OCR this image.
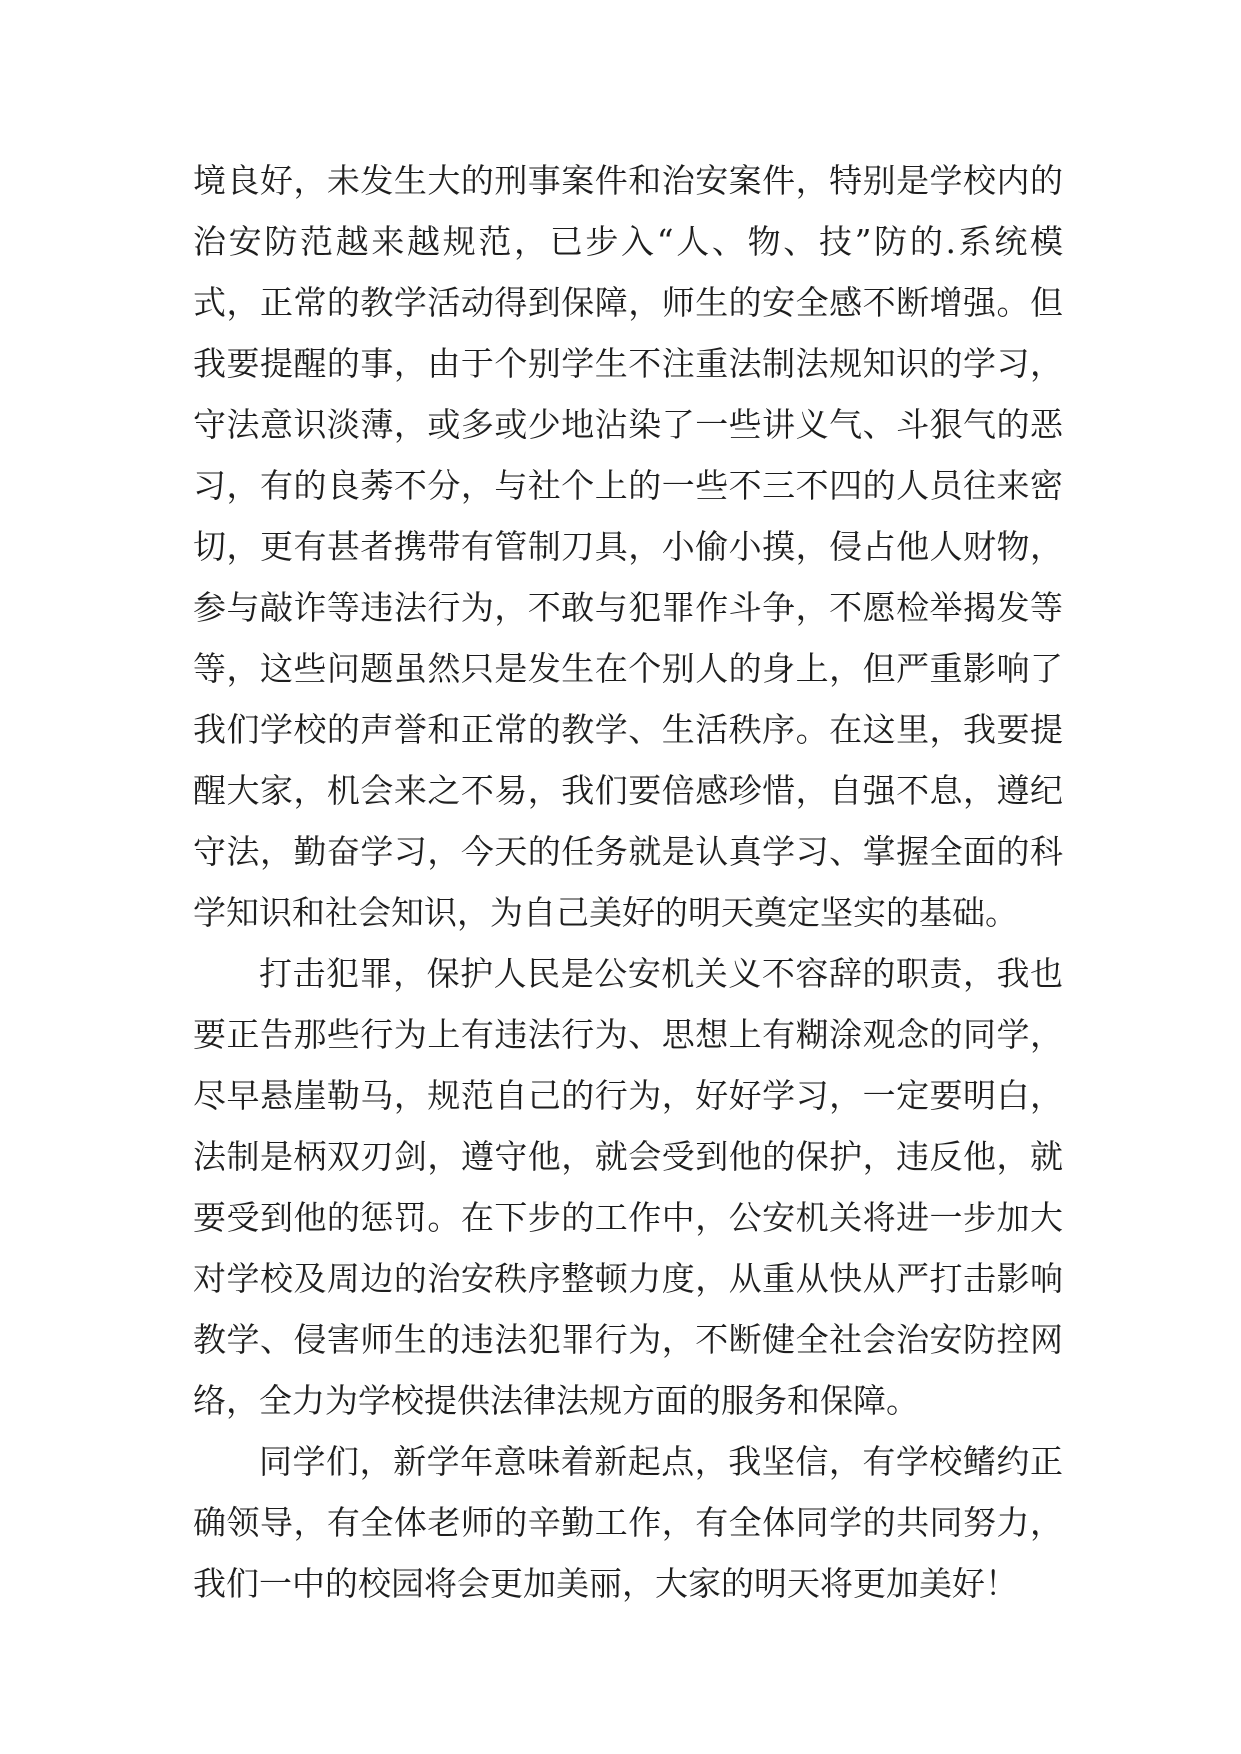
境良好，未发生大的刑事案件和治安案件，特别是学校内的
治安防范越来越规范，已步入“人、物、技”防的.系统模
式，正常的教学活动得到保障，师生的安全感不断增强。但
我要提醒的事，由于个别学生不注重法制法规知识的学习，
守法意识淡薄，或多或少地沾染了一些讲义气、斗狠气的恶
习，有的良莠不分，与社个上的一些不三不四的人员往来密
切，更有甚者携带有管制刀具，小偷小摸，侵占他人财物，
参与敲诈等违法行为，不敢与犯罪作斗争，不愿检举揭发等
等，这些问题虽然只是发生在个别人的身上，但严重影响了
我们学校的声誉和正常的教学、生活秩序。在这里，我要提
醒大家，机会来之不易，我们要倍感珍惜，自强不息，遵纪
守法，勤奋学习，今天的任务就是认真学习、掌握全面的科
学知识和社会知识，为自己美好的明天奠定坚实的基础。
打击犯罪，保护人民是公安机关义不容辞的职责，我也
要正告那些行为上有违法行为、思想上有糊涂观念的同学，
尽早悬崖勒马，规范自己的行为，好好学习，一定要明白，
法制是柄双刃剑，遵守他，就会受到他的保护，违反他，就
要受到他的惩罚。在下步的工作中，公安机关将进一步加大
对学校及周边的治安秩序整顿力度，从重从快从严打击影响
教学、侵害师生的违法犯罪行为，不断健全社会治安防控网
络，全力为学校提供法律法规方面的服务和保障。
同学们，新学年意味着新起点，我坚信，有学校鳍约正
确领导，有全体老师的辛勤工作，有全体同学的共同努力，
我们一中的校园将会更加美丽，大家的明天将更加美好！
